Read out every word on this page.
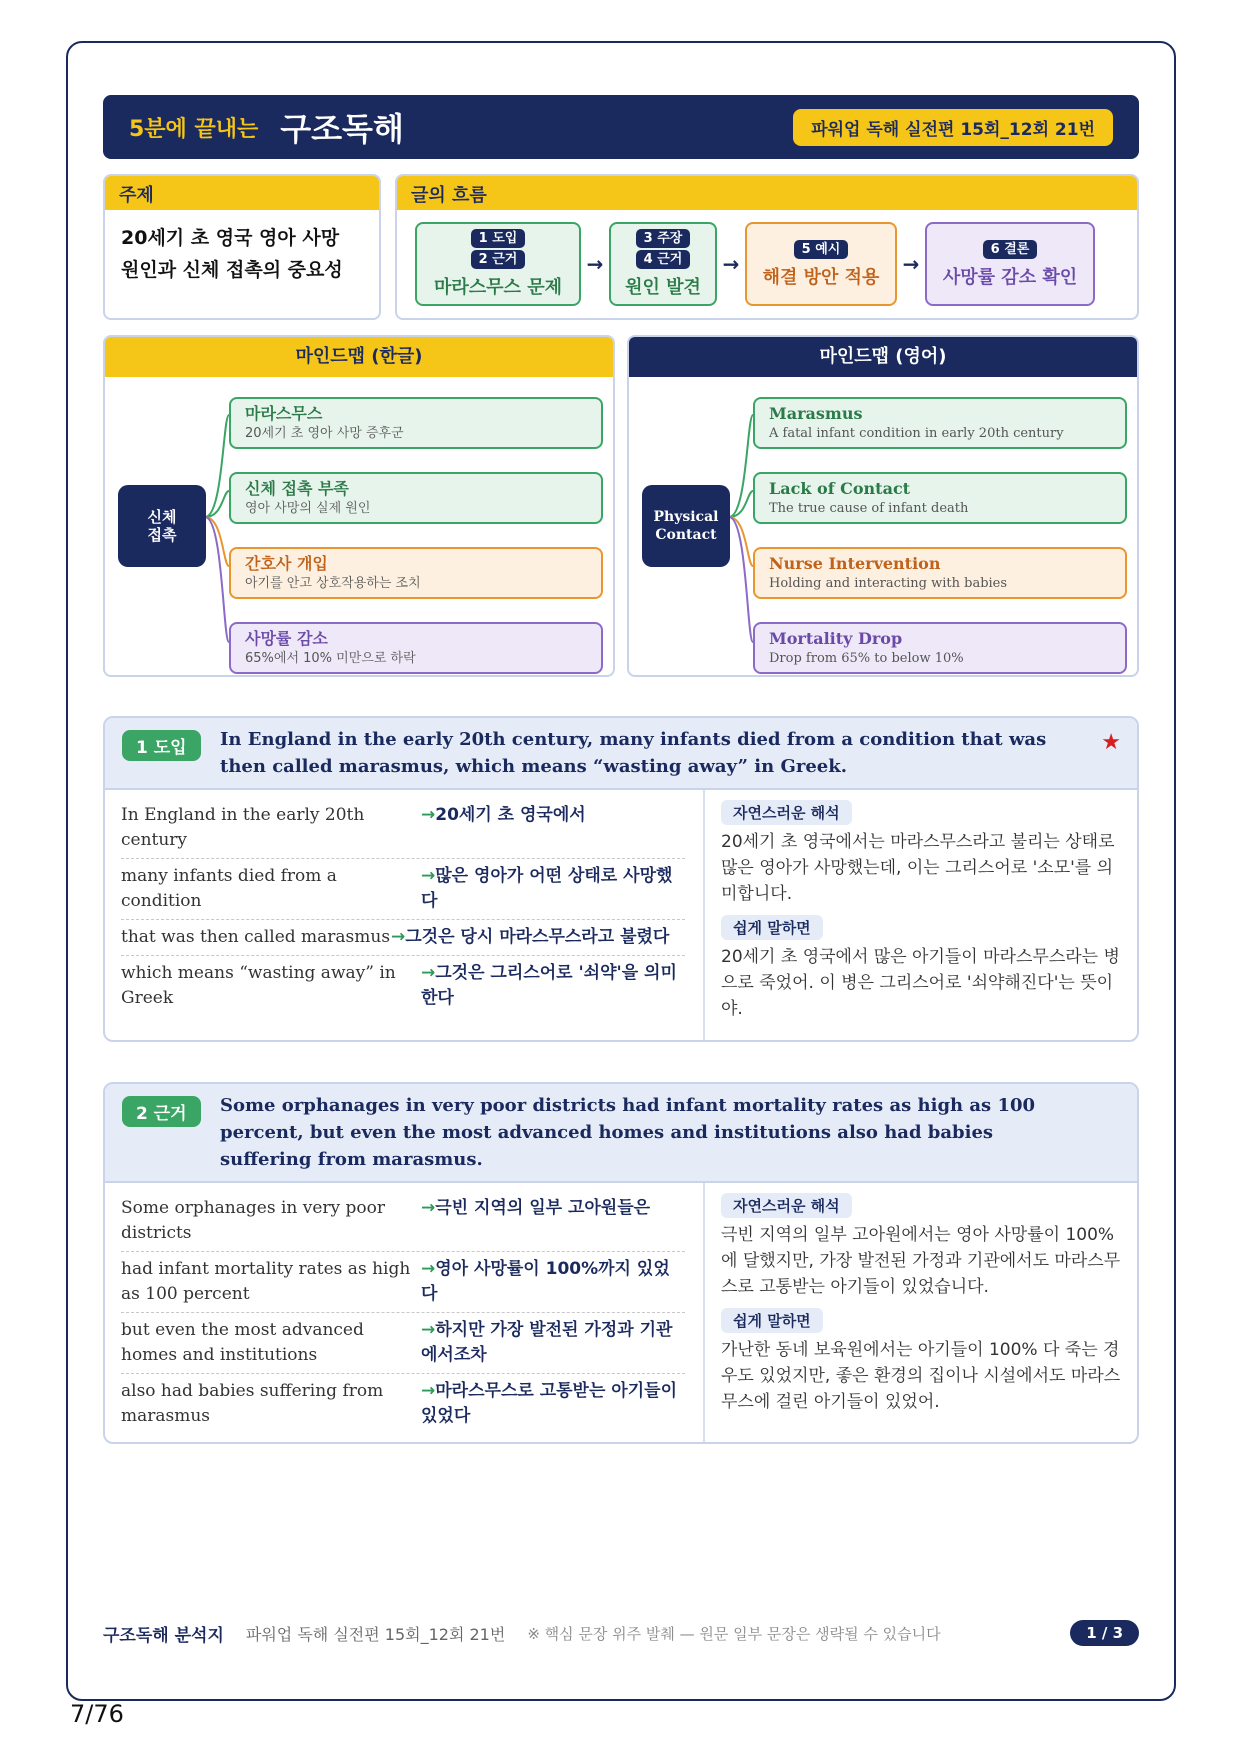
5분에 끝내는 구조독해	파워업 독해 실전편 15회_12회 21번
주제
20세기 초 영국 영아 사망
원인과 신체 접촉의 중요성
글의 흐름
1 도입
2 근거
마라스무스 문제
→
3 주장
4 근거
원인 발견
→
5 예시
해결 방안 적용
→
6 결론
사망률 감소 확인
마인드맵 (한글)
신체
접촉
마라스무스
20세기 초 영아 사망 증후군
신체 접촉 부족
영아 사망의 실제 원인
간호사 개입
아기를 안고 상호작용하는 조치
사망률 감소
65%에서 10% 미만으로 하락
마인드맵 (영어)
Physical
Contact
Marasmus
A fatal infant condition in early 20th century
Lack of Contact
The true cause of infant death
Nurse Intervention
Holding and interacting with babies
Mortality Drop
Drop from 65% to below 10%
1 도입	In England in the early 20th century, many infants died from a condition that was then called marasmus, which means “wasting away” in Greek.
★
In England in the early 20th century
→20세기 초 영국에서
many infants died from a condition
→많은 영아가 어떤 상태로 사망했다
that was then called marasmus →그것은 당시 마라스무스라고 불렸다
which means “wasting away” in Greek
→그것은 그리스어로 '쇠약'을 의미한다
자연스러운 해석
20세기 초 영국에서는 마라스무스라고 불리는 상태로 많은 영아가 사망했는데, 이는 그리스어로 '소모'를 의미합니다.
쉽게 말하면
20세기 초 영국에서 많은 아기들이 마라스무스라는 병으로 죽었어. 이 병은 그리스어로 '쇠약해진다'는 뜻이야.
2 근거	Some orphanages in very poor districts had infant mortality rates as high as 100 percent, but even the most advanced homes and institutions also had babies suffering from marasmus.
Some orphanages in very poor districts
→극빈 지역의 일부 고아원들은
had infant mortality rates as high as 100 percent
→영아 사망률이 100%까지 있었다
but even the most advanced homes and institutions
→하지만 가장 발전된 가정과 기관에서조차
also had babies suffering from marasmus
→마라스무스로 고통받는 아기들이 있었다
자연스러운 해석
극빈 지역의 일부 고아원에서는 영아 사망률이 100%에 달했지만, 가장 발전된 가정과 기관에서도 마라스무스로 고통받는 아기들이 있었습니다.
쉽게 말하면
가난한 동네 보육원에서는 아기들이 100% 다 죽는 경우도 있었지만, 좋은 환경의 집이나 시설에서도 마라스무스에 걸린 아기들이 있었어.
구조독해 분석지 파워업 독해 실전편 15회_12회 21번 ※ 핵심 문장 위주 발췌 — 원문 일부 문장은 생략될 수 있습니다	1 / 3
7/76
